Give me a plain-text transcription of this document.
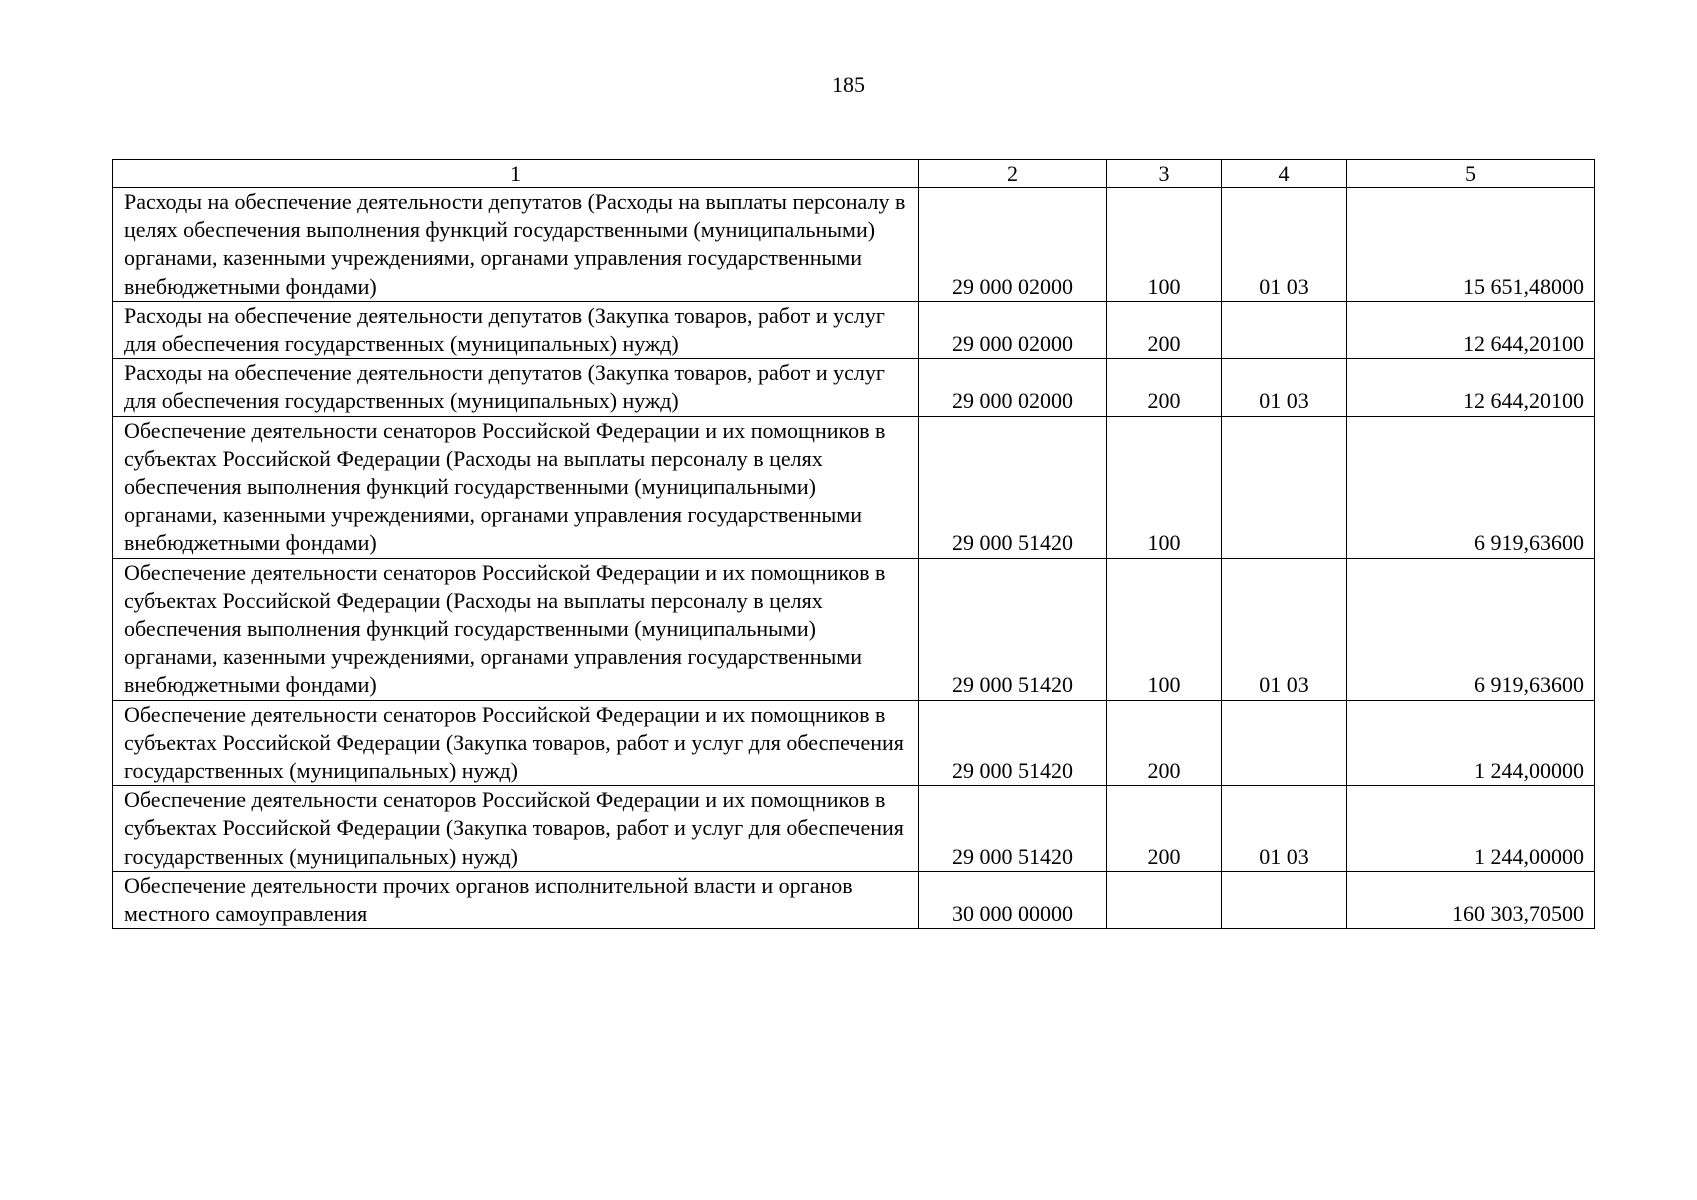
185
1	2	3	4	5
Расходы на обеспечение деятельности депутатов (Расходы на выплаты персоналу в целях обеспечения выполнения функций государственными (муниципальными) органами, казенными учреждениями, органами управления государственными внебюджетными фондами)	29 000 02000	100	01 03	15 651,48000
Расходы на обеспечение деятельности депутатов (Закупка товаров, работ и услуг для обеспечения государственных (муниципальных) нужд)	29 000 02000	200		12 644,20100
Расходы на обеспечение деятельности депутатов (Закупка товаров, работ и услуг для обеспечения государственных (муниципальных) нужд)	29 000 02000	200	01 03	12 644,20100
Обеспечение деятельности сенаторов Российской Федерации и их помощников в субъектах Российской Федерации (Расходы на выплаты персоналу в целях обеспечения выполнения функций государственными (муниципальными) органами, казенными учреждениями, органами управления государственными внебюджетными фондами)	29 000 51420	100		6 919,63600
Обеспечение деятельности сенаторов Российской Федерации и их помощников в субъектах Российской Федерации (Расходы на выплаты персоналу в целях обеспечения выполнения функций государственными (муниципальными) органами, казенными учреждениями, органами управления государственными внебюджетными фондами)	29 000 51420	100	01 03	6 919,63600
Обеспечение деятельности сенаторов Российской Федерации и их помощников в субъектах Российской Федерации (Закупка товаров, работ и услуг для обеспечения государственных (муниципальных) нужд)	29 000 51420	200		1 244,00000
Обеспечение деятельности сенаторов Российской Федерации и их помощников в субъектах Российской Федерации (Закупка товаров, работ и услуг для обеспечения государственных (муниципальных) нужд)	29 000 51420	200	01 03	1 244,00000
Обеспечение деятельности прочих органов исполнительной власти и органов местного самоуправления	30 000 00000			160 303,70500
